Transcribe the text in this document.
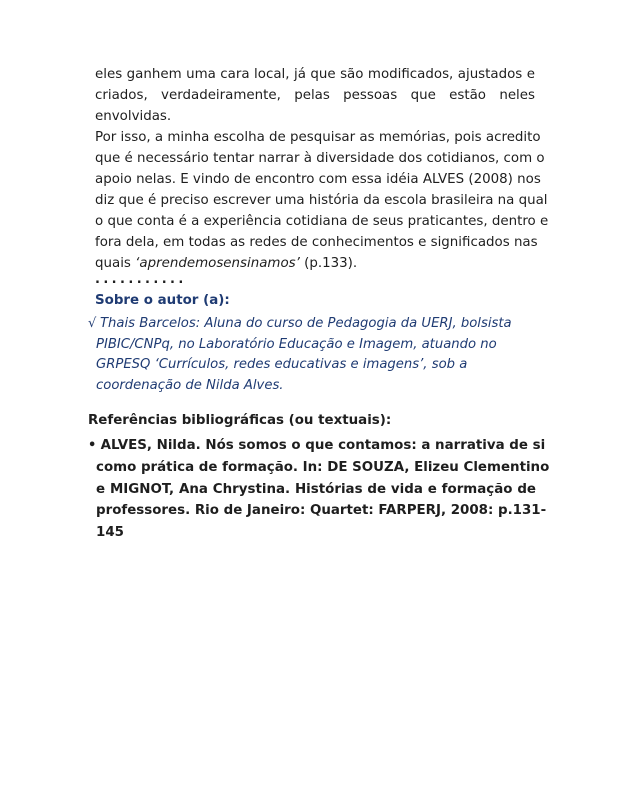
eles ganhem uma cara local, já que são modificados, ajustados e
criados, verdadeiramente, pelas pessoas que estão neles
envolvidas.
Por isso, a minha escolha de pesquisar as memórias, pois acredito
que é necessário tentar narrar à diversidade dos cotidianos, com o
apoio nelas. E vindo de encontro com essa idéia ALVES (2008) nos
diz que é preciso escrever uma história da escola brasileira na qual
o que conta é a experiência cotidiana de seus praticantes, dentro e
fora dela, em todas as redes de conhecimentos e significados nas
quais ‘aprendemosensinamos’ (p.133).
...........
Sobre o autor (a):
√ Thais Barcelos: Aluna do curso de Pedagogia da UERJ, bolsista
PIBIC/CNPq, no Laboratório Educação e Imagem, atuando no
GRPESQ ‘Currículos, redes educativas e imagens’, sob a
coordenação de Nilda Alves.
Referências bibliográficas (ou textuais):
• ALVES, Nilda. Nós somos o que contamos: a narrativa de si
como prática de formação. In: DE SOUZA, Elizeu Clementino
e MIGNOT, Ana Chrystina. Histórias de vida e formação de
professores. Rio de Janeiro: Quartet: FARPERJ, 2008: p.131-
145
